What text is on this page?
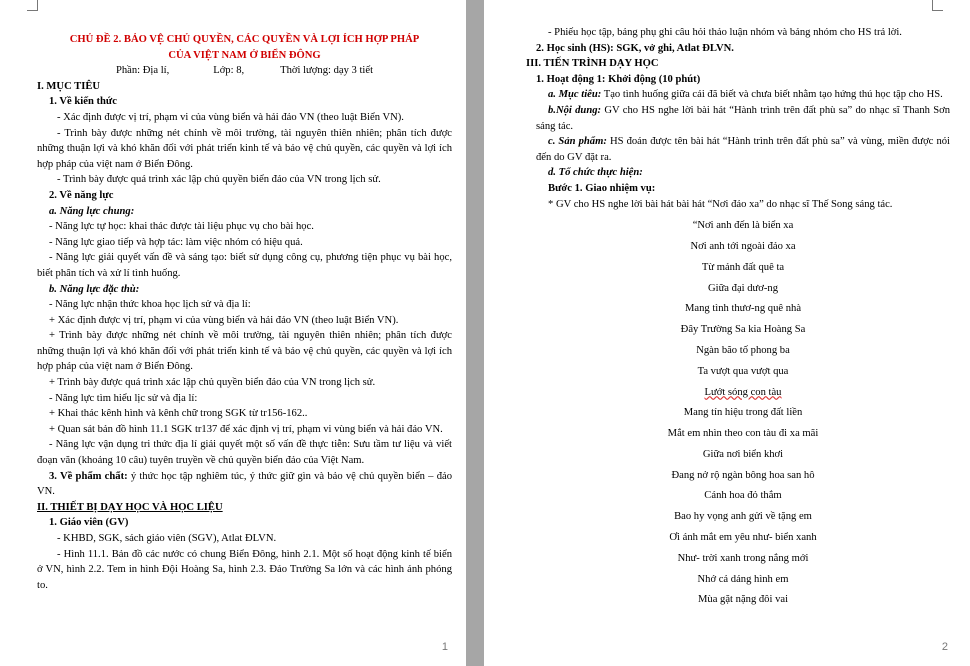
CHỦ ĐỀ 2. BẢO VỆ CHỦ QUYỀN, CÁC QUYỀN VÀ LỢI ÍCH HỢP PHÁP

CỦA VIỆT NAM Ở BIỂN ĐÔNG

Phần: Địa lí,	Lớp: 8,	Thời lượng: dạy 3 tiết

I. MỤC TIÊU

1. Về kiến thức

- Xác định được vị trí, phạm vi của vùng biển và hải đảo VN (theo luật Biển VN).

- Trình bày được những nét chính về môi trường, tài nguyên thiên nhiên; phân tích được những thuận lợi và khó khăn đối với phát triển kinh tế và bảo vệ chủ quyền, các quyền và lợi ích hợp pháp của việt nam ở Biển Đông.

- Trình bày được quá trình xác lập chủ quyền biển đảo của VN trong lịch sử.

2. Về năng lực

a. Năng lực chung:

- Năng lực tự học: khai thác được tài liệu phục vụ cho bài học.

- Năng lực giao tiếp và hợp tác: làm việc nhóm có hiệu quả.

- Năng lực giải quyết vấn đề và sáng tạo: biết sử dụng công cụ, phương tiện phục vụ bài học, biết phân tích và xử lí tình huống.

b. Năng lực đặc thù:

- Năng lực nhận thức khoa học lịch sử và địa lí:

+ Xác định được vị trí, phạm vi của vùng biển và hải đảo VN (theo luật Biển VN).

+ Trình bày được những nét chính về môi trường, tài nguyên thiên nhiên; phân tích được những thuận lợi và khó khăn đối với phát triển kinh tế và bảo vệ chủ quyền, các quyền và lợi ích hợp pháp của việt nam ở Biển Đông.

+ Trình bày được quá trình xác lập chủ quyền biển đảo của VN trong lịch sử.

- Năng lực tìm hiểu lịc sử và địa lí:

+ Khai thác kênh hình và kênh chữ trong SGK từ tr156-162..

+ Quan sát bản đồ hình 11.1 SGK tr137 để xác định vị trí, phạm vi vùng biển và hải đảo VN.

- Năng lực vận dụng tri thức địa lí giải quyết một số vấn đề thực tiễn: Sưu tầm tư liệu và viết đoạn văn (khoảng 10 câu) tuyên truyền về chủ quyền biển đảo của Việt Nam.

3. Về phẩm chất: ý thức học tập nghiêm túc, ý thức giữ gìn và bảo vệ chủ quyền biển – đảo VN.

II. THIẾT BỊ DẠY HỌC VÀ HỌC LIỆU

1. Giáo viên (GV)

- KHBD, SGK, sách giáo viên (SGV), Atlat ĐLVN.

- Hình 11.1. Bản đồ các nước có chung Biển Đông, hình 2.1. Một số hoạt động kinh tế biển ở VN, hình 2.2. Tem in hình Đội Hoàng Sa, hình 2.3. Đảo Trường Sa lớn và các hình ảnh phóng to.

1

- Phiếu học tập, bảng phụ ghi câu hỏi thảo luận nhóm và bảng nhóm cho HS trả lời.

2. Học sinh (HS): SGK, vở ghi, Atlat ĐLVN.

III. TIẾN TRÌNH DẠY HỌC

1. Hoạt động 1: Khởi động (10 phút)

a. Mục tiêu: Tạo tình huống giữa cái đã biết và chưa biết nhằm tạo hứng thú học tập cho HS.

b.Nội dung: GV cho HS nghe lời bài hát “Hành trình trên đất phù sa” do nhạc sĩ Thanh Sơn sáng tác.

c. Sản phẩm: HS đoán được tên bài hát “Hành trình trên đất phù sa” và vùng, miền được nói đến do GV đặt ra.

d. Tổ chức thực hiện:

Bước 1. Giao nhiệm vụ:

* GV cho HS nghe lời bài hát bài hát “Nơi đảo xa” do nhạc sĩ Thế Song sáng tác.

“Nơi anh đến là biển xa

Nơi anh tới ngoài đảo xa

Từ mảnh đất quê ta

Giữa đại dươ-ng

Mang tình thươ-ng quê nhà

Đây Trường Sa kia Hoàng Sa

Ngàn bão tố phong ba

Ta vượt qua vượt qua

Lướt sóng con tàu

Mang tín hiệu trong đất liền

Mắt em nhìn theo con tàu đi xa mãi

Giữa nơi biển khơi

Đang nở rộ ngàn bông hoa san hô

Cánh hoa đỏ thắm

Bao hy vọng anh gửi về tặng em

Ơi ánh mắt em yêu như- biển xanh

Như- trời xanh trong nắng mới

Nhớ cả dáng hình em

Mùa gặt nặng đôi vai

2
